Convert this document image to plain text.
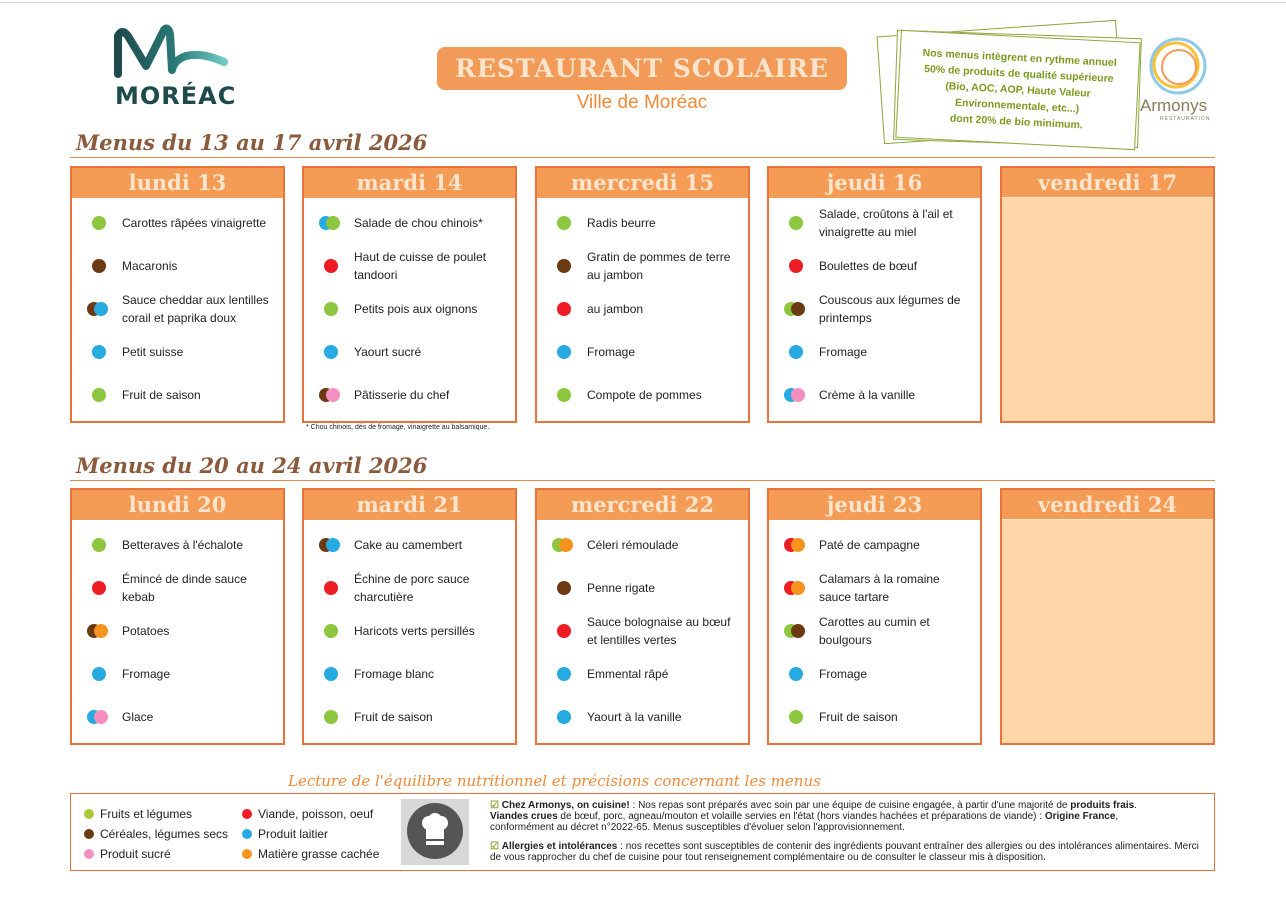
MORÉAC
RESTAURANT SCOLAIRE
Ville de Moréac
Nos menus intègrent en rythme annuel
50% de produits de qualité supérieure
(Bio, AOC, AOP, Haute Valeur
Environnementale, etc...)
dont 20% de bio minimum.
Armonys
RESTAURATION
Menus du 13 au 17 avril 2026
Menus du 20 au 24 avril 2026
lundi 13
Carottes râpées vinaigrette
Macaronis
Sauce cheddar aux lentilles corail et paprika doux
Petit suisse
Fruit de saison
mardi 14
Salade de chou chinois*
Haut de cuisse de poulet tandoori
Petits pois aux oignons
Yaourt sucré
Pâtisserie du chef
mercredi 15
Radis beurre
Gratin de pommes de terre au jambon
au jambon
Fromage
Compote de pommes
jeudi 16
Salade, croûtons à l'ail et vinaigrette au miel
Boulettes de bœuf
Couscous aux légumes de printemps
Fromage
Crème à la vanille
vendredi 17
lundi 20
Betteraves à l'échalote
Émincé de dinde sauce kebab
Potatoes
Fromage
Glace
mardi 21
Cake au camembert
Échine de porc sauce charcutière
Haricots verts persillés
Fromage blanc
Fruit de saison
mercredi 22
Céleri rémoulade
Penne rigate
Sauce bolognaise au bœuf et lentilles vertes
Emmental râpé
Yaourt à la vanille
jeudi 23
Paté de campagne
Calamars à la romaine sauce tartare
Carottes au cumin et boulgours
Fromage
Fruit de saison
vendredi 24
* Chou chinois, dés de fromage, vinaigrette au balsamique.
Lecture de l'équilibre nutritionnel et précisions concernant les menus
Fruits et légumes
Céréales, légumes secs
Produit sucré
Viande, poisson, oeuf
Produit laitier
Matière grasse cachée
☑ Chez Armonys, on cuisine! : Nos repas sont préparés avec soin par une équipe de cuisine engagée, à partir d'une majorité de produits frais.
Viandes crues de bœuf, porc, agneau/mouton et volaille servies en l'état (hors viandes hachées et préparations de viande) : Origine France,
conformément au décret n°2022-65. Menus susceptibles d'évoluer selon l'approvisionnement.
☑ Allergies et intolérances : nos recettes sont susceptibles de contenir des ingrédients pouvant entraîner des allergies ou des intolérances alimentaires. Merci de vous rapprocher du chef de cuisine pour tout renseignement complémentaire ou de consulter le classeur mis à disposition.
